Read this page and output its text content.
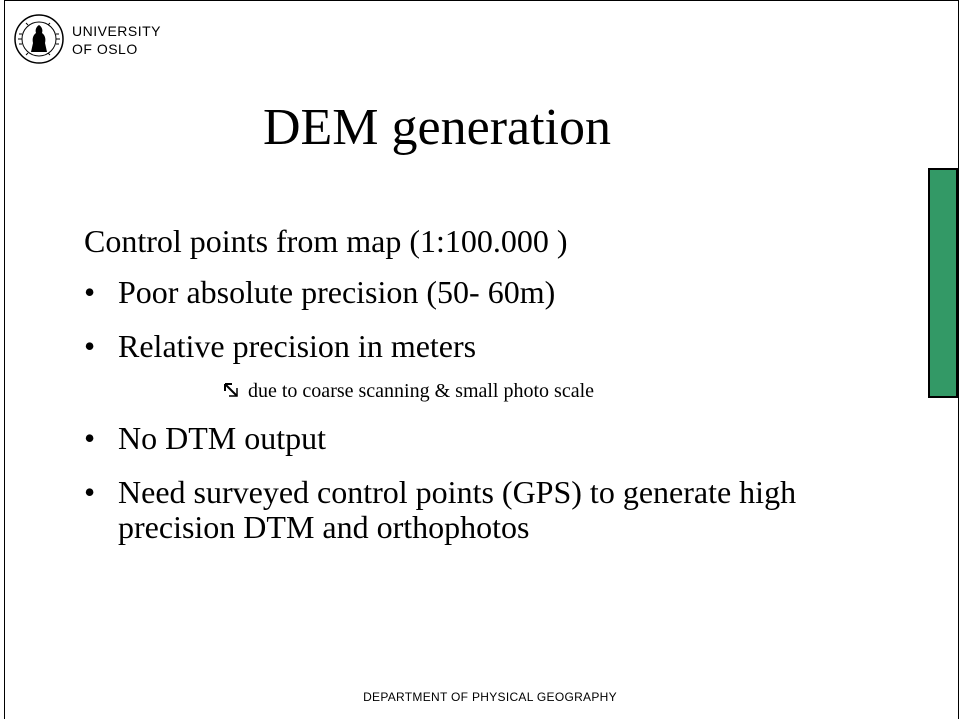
UNIVERSITY
OF OSLO
DEM generation

Control points from map (1:100.000 )

• Poor absolute precision (50- 60m)
• Relative precision in meters
due to coarse scanning & small photo scale
• No DTM output
• Need surveyed control points (GPS) to generate high precision DTM and orthophotos
DEPARTMENT OF PHYSICAL GEOGRAPHY
